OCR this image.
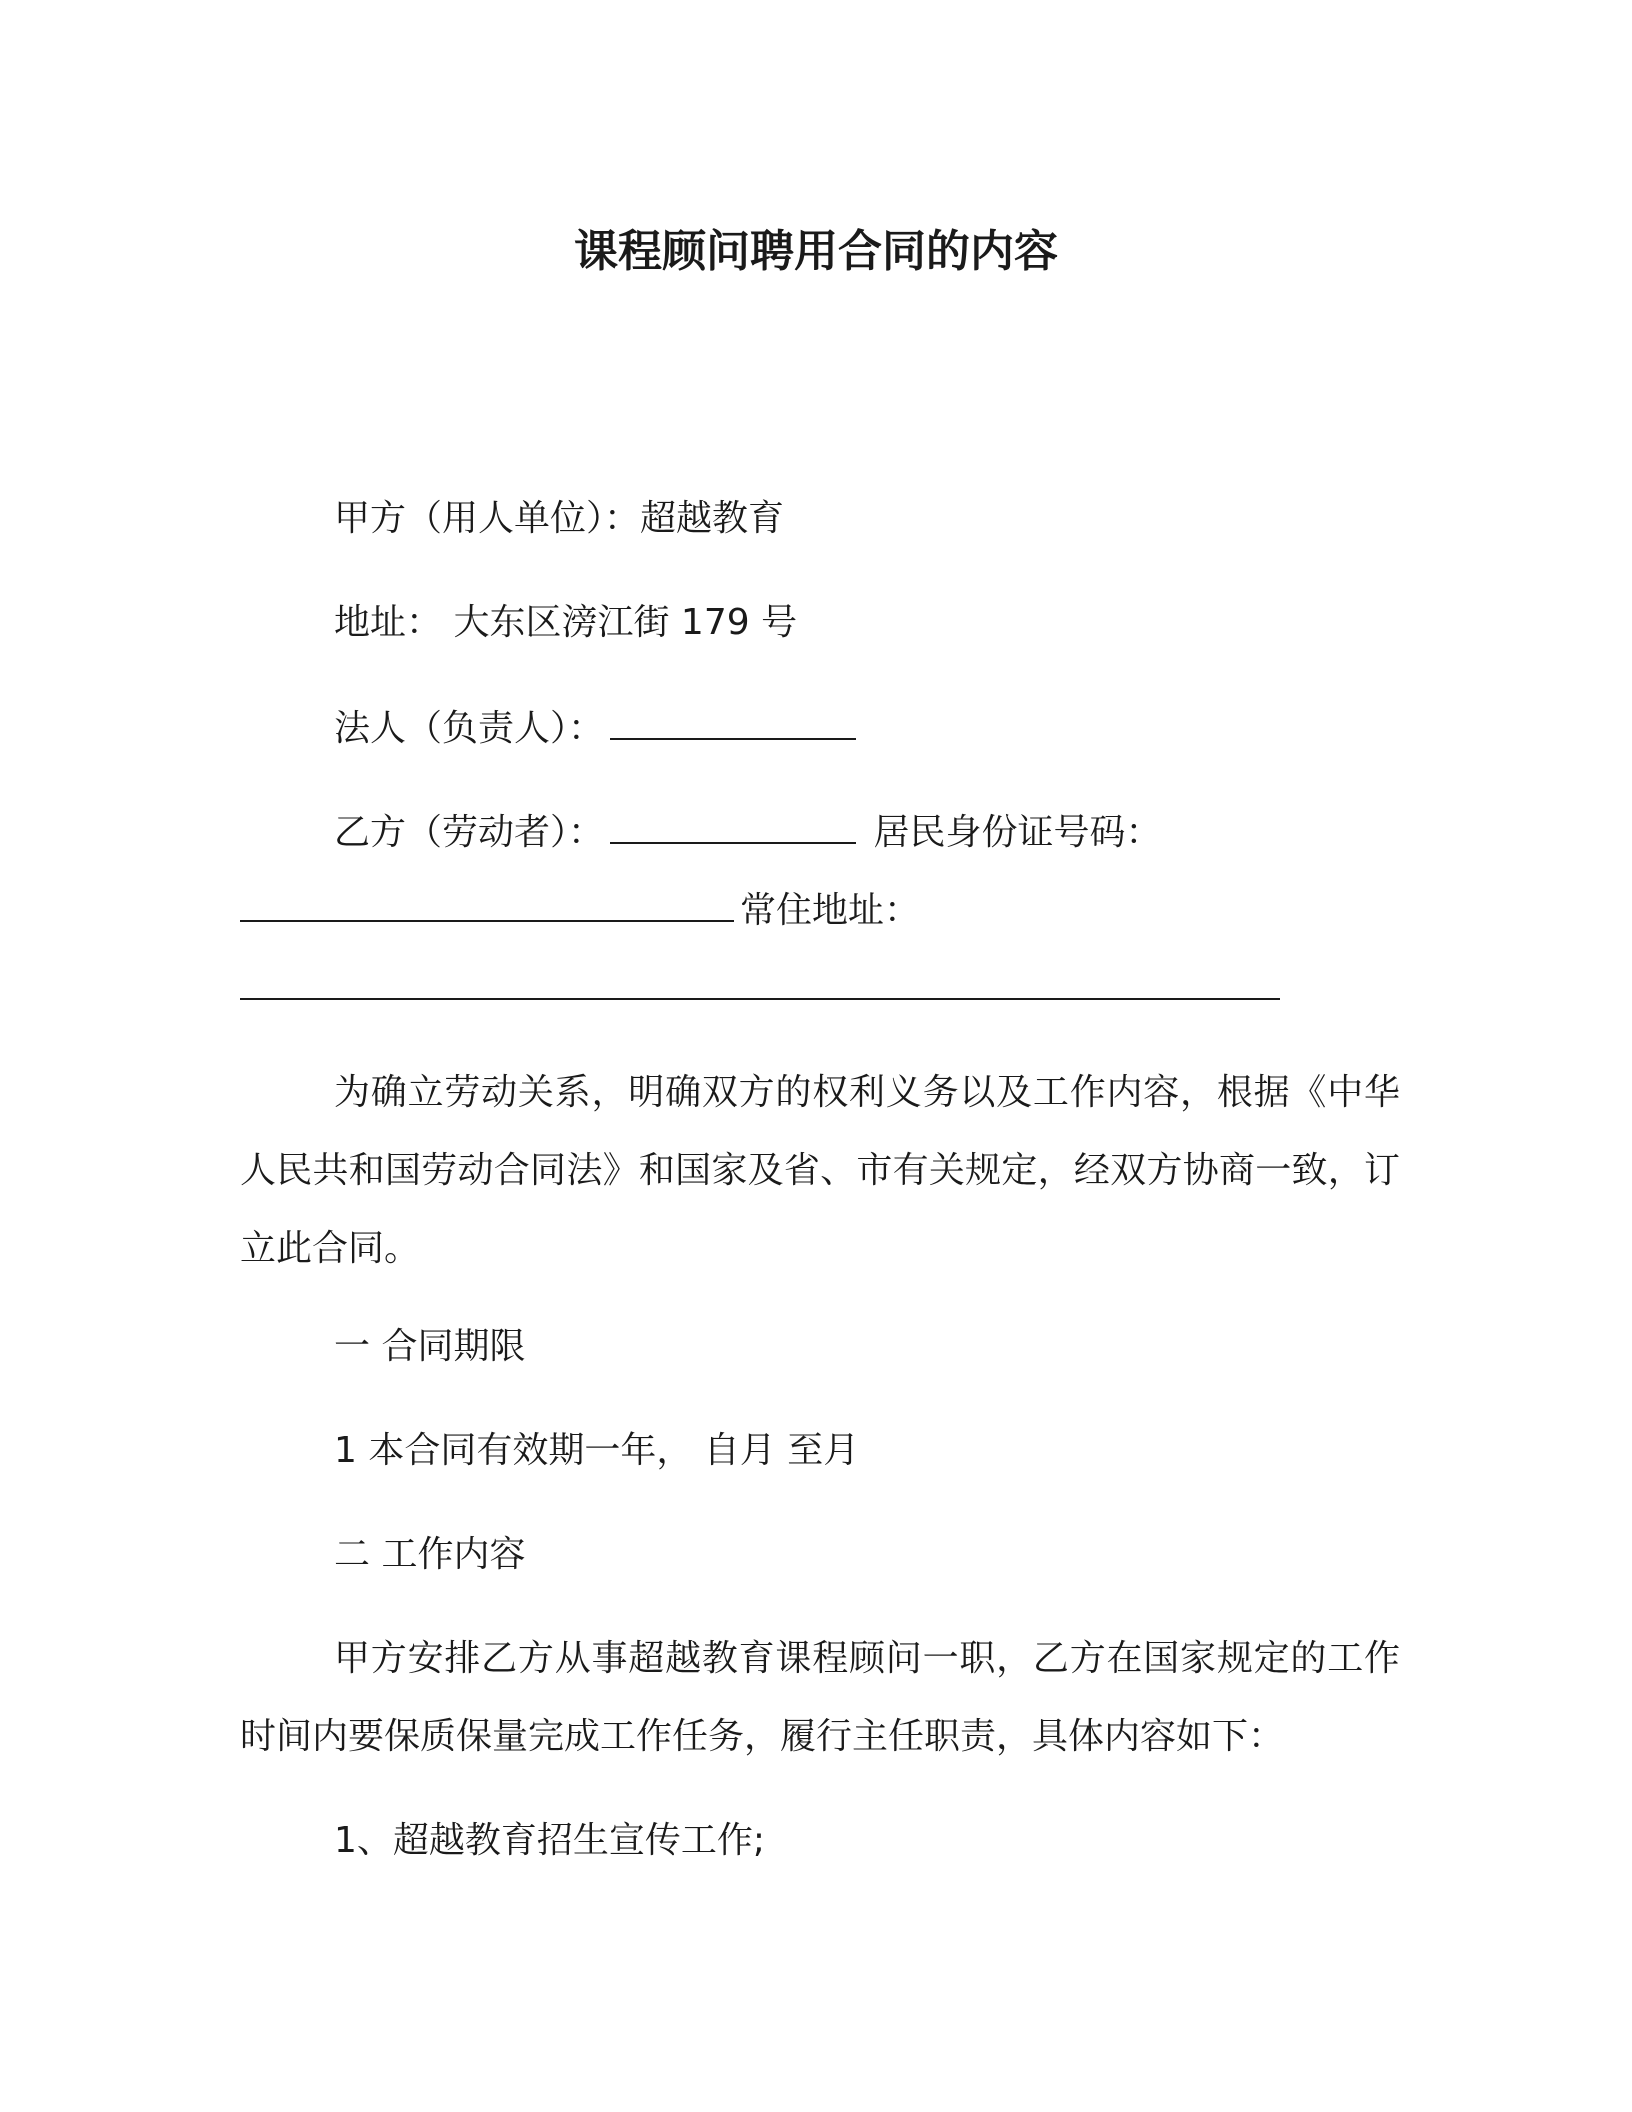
课程顾问聘用合同的内容
甲方（用人单位）：超越教育
地址： 大东区滂江街 179 号
法人（负责人）：
乙方（劳动者）：	居民身份证号码：
常住地址：
为确立劳动关系，明确双方的权利义务以及工作内容，根据《中华人民共和国劳动合同法》和国家及省、市有关规定，经双方协商一致，订立此合同。
一 合同期限
1 本合同有效期一年， 自月 至月
二 工作内容
甲方安排乙方从事超越教育课程顾问一职，乙方在国家规定的工作时间内要保质保量完成工作任务，履行主任职责，具体内容如下：
1、超越教育招生宣传工作;
